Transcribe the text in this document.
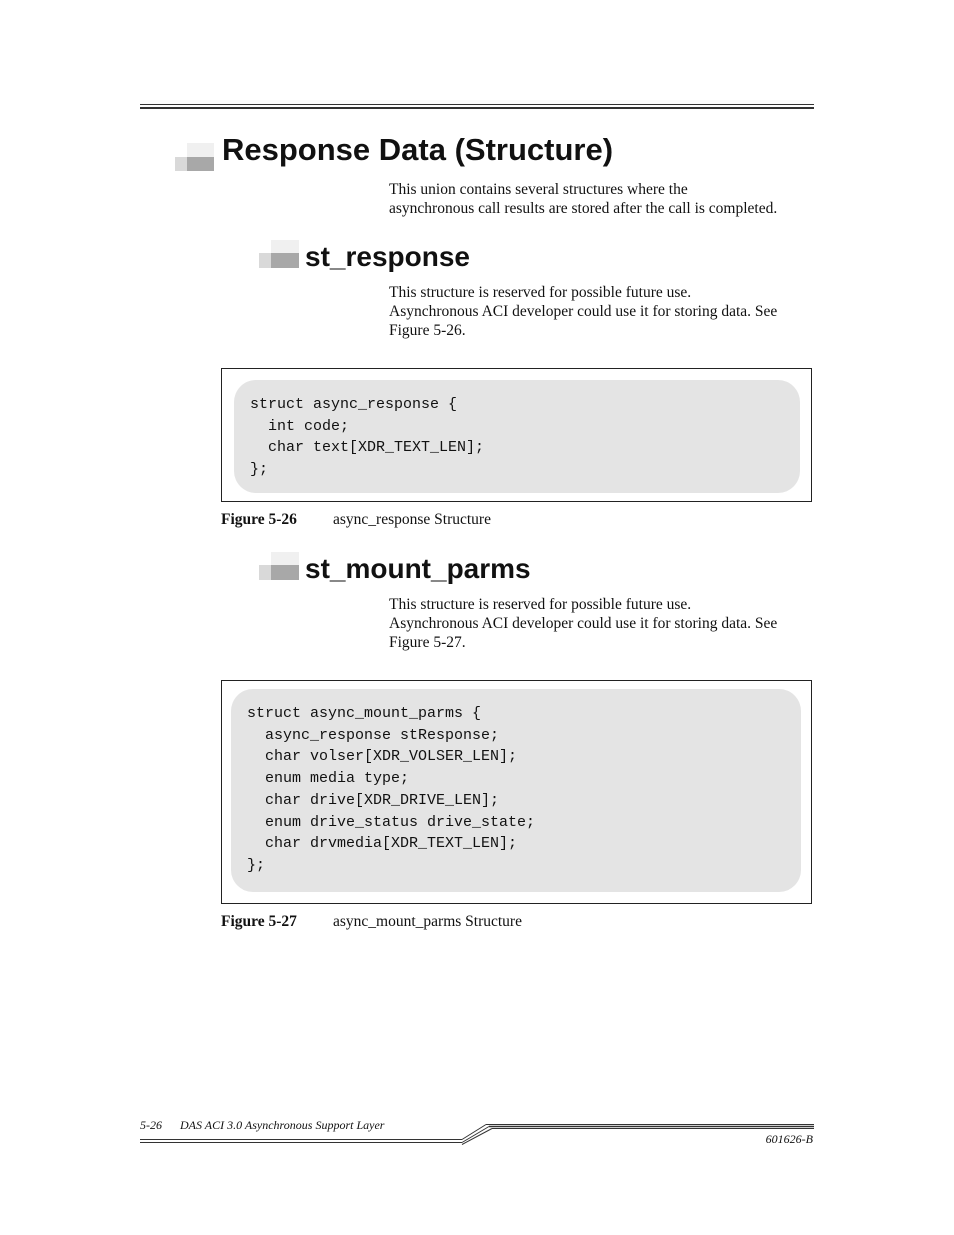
Response Data (Structure)
This union contains several structures where the
asynchronous call results are stored after the call is completed.
st_response
This structure is reserved for possible future use.
Asynchronous ACI developer could use it for storing data. See
Figure 5-26.
struct async_response {
int code;
char text[XDR_TEXT_LEN];
};
Figure 5-26 async_response Structure
st_mount_parms
This structure is reserved for possible future use.
Asynchronous ACI developer could use it for storing data. See
Figure 5-27.
struct async_mount_parms {
async_response stResponse;
char volser[XDR_VOLSER_LEN];
enum media type;
char drive[XDR_DRIVE_LEN];
enum drive_status drive_state;
char drvmedia[XDR_TEXT_LEN];
};
Figure 5-27 async_mount_parms Structure
5-26 DAS ACI 3.0 Asynchronous Support Layer
601626-B
